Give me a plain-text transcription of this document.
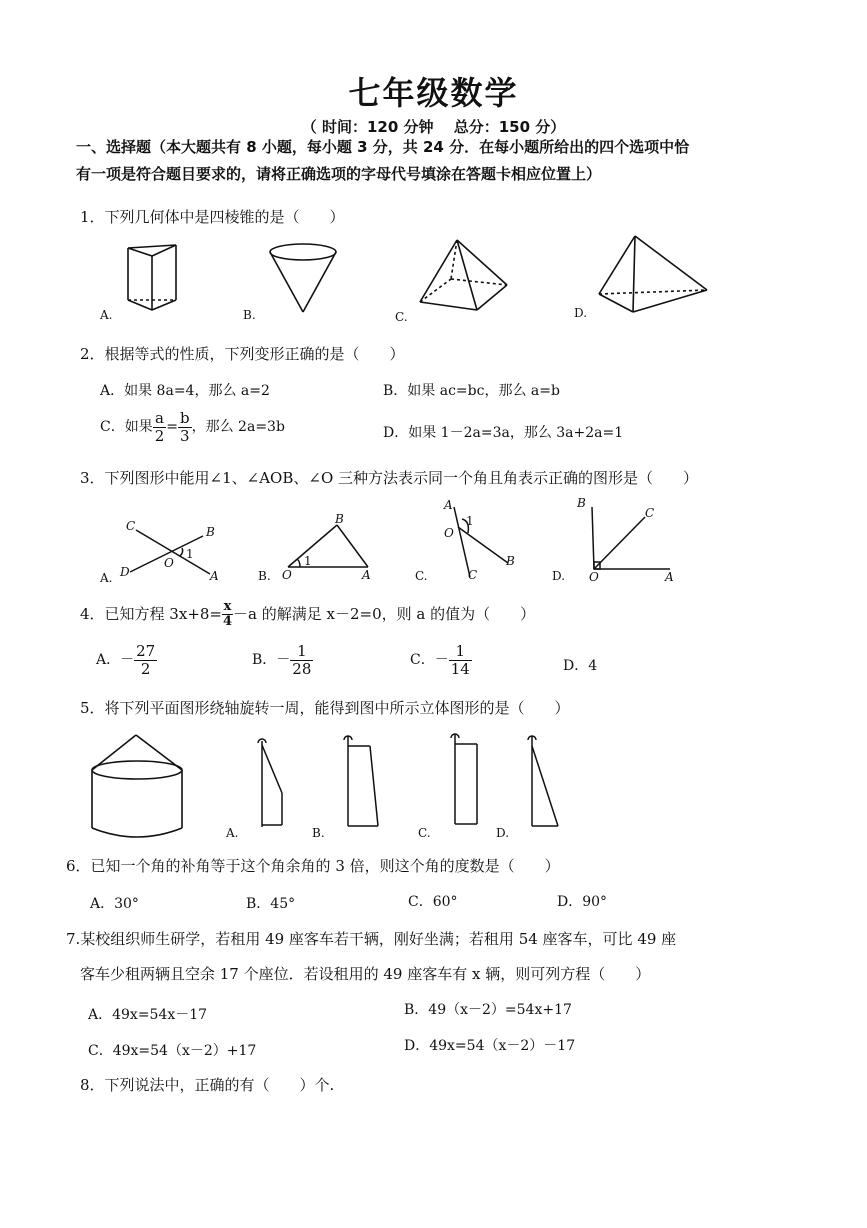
七年级数学
（ 时间：120 分钟　 总分：150 分）
一、选择题（本大题共有 8 小题，每小题 3 分，共 24 分．在每小题所给出的四个选项中恰
有一项是符合题目要求的，请将正确选项的字母代号填涂在答题卡相应位置上）
1．下列几何体中是四棱锥的是（　　）
A.	B.	C.	D.
2．根据等式的性质，下列变形正确的是（　　）
A．如果 8a=4，那么 a=2	B．如果 ac=bc，那么 a=b
C．如果 $\frac{a}{2} = \frac{b}{3}$ ，那么 2a=3b	D．如果 1－2a=3a，那么 3a+2a=1
3．下列图形中能用∠1、∠AOB、∠O 三种方法表示同一个角且角表示正确的图形是（　　）
C	B
D
O
1
A
A.
B
O
1
A
B.
A
1
O
B
C
C.
B
C
O	A
D.
4．已知方程 $3x+8= \frac{x}{4} -a$ 的解满足 x－2=0，则 a 的值为（　　）
A．－ $\frac{27}{2}$	B．－ $\frac{1}{28}$	C．－ $\frac{1}{14}$	D．4
5．将下列平面图形绕轴旋转一周，能得到图中所示立体图形的是（　　）
A.	B.	C.	D.
6．已知一个角的补角等于这个角余角的 3 倍，则这个角的度数是（　　）
A．30°	B．45°	C．60°	D．90°
7.某校组织师生研学，若租用 49 座客车若干辆，刚好坐满；若租用 54 座客车，可比 49 座
客车少租两辆且空余 17 个座位．若设租用的 49 座客车有 x 辆，则可列方程（　　）
A．49x=54x－17	B．49（x－2）=54x+17
C．49x=54（x－2）+17	D．49x=54（x－2）－17
8．下列说法中，正确的有（　　）个.
